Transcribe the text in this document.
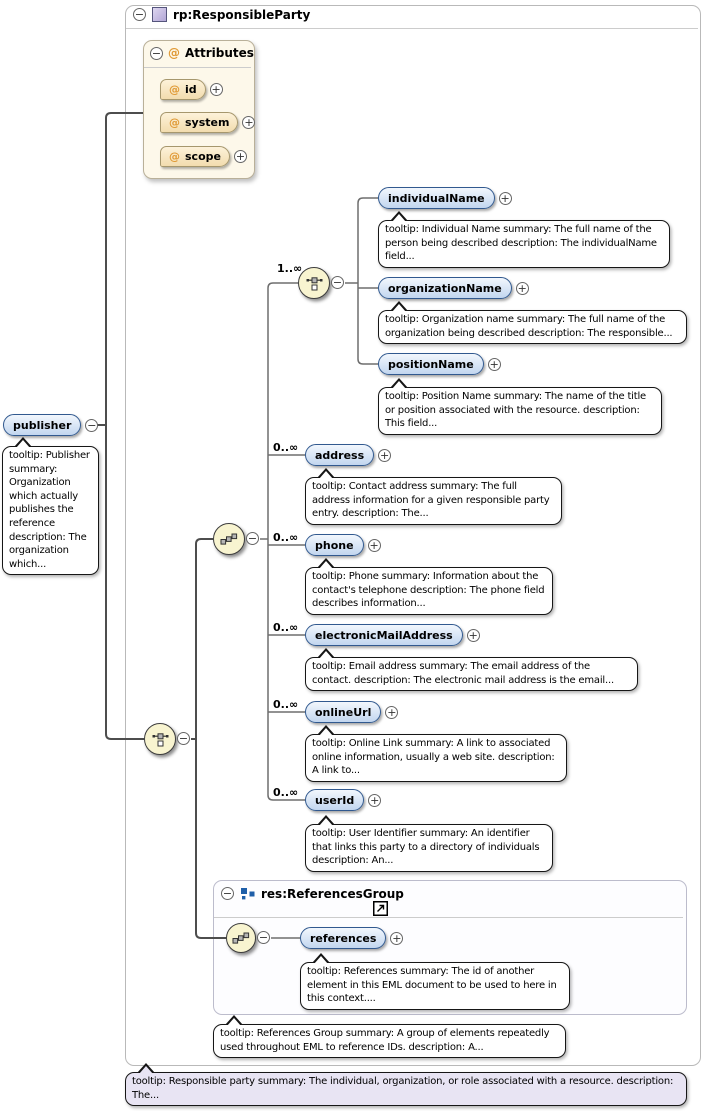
− rp:ResponsibleParty
− @ Attributes
@ id +
@ system +
@ scope +
− res:ReferencesGroup
publisher −
tooltip: Publisher summary: Organization which actually publishes the reference description: The organization which...
−
−
−
−
1..∞
0..∞
0..∞
0..∞
0..∞
0..∞
individualName +
tooltip: Individual Name summary: The full name of the person being described description: The individualName field...
organizationName +
tooltip: Organization name summary: The full name of the organization being described description: The responsible...
positionName +
tooltip: Position Name summary: The name of the title or position associated with the resource. description: This field...
address +
tooltip: Contact address summary: The full address information for a given responsible party entry. description: The...
phone +
tooltip: Phone summary: Information about the contact's telephone description: The phone field describes information...
electronicMailAddress +
tooltip: Email address summary: The email address of the contact. description: The electronic mail address is the email...
onlineUrl +
tooltip: Online Link summary: A link to associated online information, usually a web site. description: A link to...
userId +
tooltip: User Identifier summary: An identifier that links this party to a directory of individuals description: An...
references +
tooltip: References summary: The id of another element in this EML document to be used to here in this context....
tooltip: References Group summary: A group of elements repeatedly used throughout EML to reference IDs. description: A...
tooltip: Responsible party summary: The individual, organization, or role associated with a resource. description: The...
